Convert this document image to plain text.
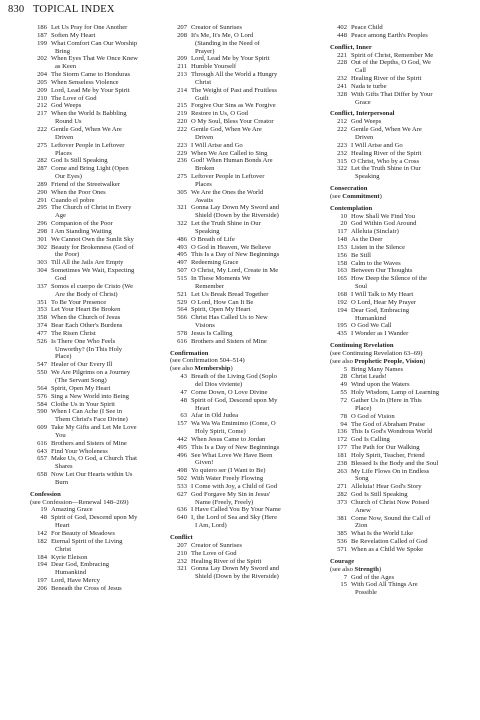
830 TOPICAL INDEX
186 Let Us Pray for One Another
187 Soften My Heart
199 What Comfort Can Our Worship
Bring
202 When Eyes That We Once Knew
as Keen
204 The Storm Came to Honduras
205 When Senseless Violence
209 Lord, Lead Me by Your Spirit
210 The Love of God
212 God Weeps
217 When the World Is Babbling
Round Us
222 Gentle God, When We Are
Driven
275 Leftover People in Leftover
Places
282 God Is Still Speaking
287 Come and Bring Light (Open
Our Eyes)
289 Friend of the Streetwalker
290 When the Poor Ones
291 Cuando el pobre
295 The Church of Christ in Every
Age
296 Companion of the Poor
298 I Am Standing Waiting
301 We Cannot Own the Sunlit Sky
302 Beauty for Brokenness (God of
the Poor)
303 Till All the Jails Are Empty
304 Sometimes We Wait, Expecting
God
337 Somos el cuerpo de Cristo (We
Are the Body of Christ)
351 To Be Your Presence
353 Let Your Heart Be Broken
358 When the Church of Jesus
374 Bear Each Other's Burdens
477 The Risen Christ
526 Is There One Who Feels
Unworthy? (In This Holy
Place)
547 Healer of Our Every Ill
550 We Are Pilgrims on a Journey
(The Servant Song)
564 Spirit, Open My Heart
576 Sing a New World into Being
584 Clothe Us in Your Spirit
590 When I Can Ache (I See in
Them Christ's Face Divine)
609 Take My Gifts and Let Me Love
You
616 Brothers and Sisters of Mine
643 Find Your Wholeness
657 Make Us, O God, a Church That
Shares
658 Now Let Our Hearts within Us
Burn
Confession
(see Confession—Renewal 148–269)
19 Amazing Grace
48 Spirit of God, Descend upon My
Heart
142 For Beauty of Meadows
182 Eternal Spirit of the Living
Christ
184 Kyrie Eleison
194 Dear God, Embracing
Humankind
197 Lord, Have Mercy
206 Beneath the Cross of Jesus
207 Creator of Sunrises
208 It's Me, It's Me, O Lord
(Standing in the Need of
Prayer)
209 Lord, Lead Me by Your Spirit
211 Humble Yourself
213 Through All the World a Hungry
Christ
214 The Weight of Past and Fruitless
Guilt
215 Forgive Our Sins as We Forgive
219 Restore in Us, O God
220 O My Soul, Bless Your Creator
222 Gentle God, When We Are
Driven
223 I Will Arise and Go
229 When We Are Called to Sing
236 God! When Human Bonds Are
Broken
275 Leftover People in Leftover
Places
305 We Are the Ones the World
Awaits
321 Gonna Lay Down My Sword and
Shield (Down by the Riverside)
322 Let the Truth Shine in Our
Speaking
486 O Breath of Life
493 O God in Heaven, We Believe
495 This Is a Day of New Beginnings
497 Redeeming Grace
507 O Christ, My Lord, Create in Me
515 In These Moments We
Remember
521 Let Us Break Bread Together
529 O Lord, How Can It Be
564 Spirit, Open My Heart
566 Christ Has Called Us to New
Visions
578 Jesus Is Calling
616 Brothers and Sisters of Mine
Confirmation
(see Confirmation 504–514)
(see also Membership)
43 Breath of the Living God (Soplo
del Dios viviente)
47 Come Down, O Love Divine
48 Spirit of God, Descend upon My
Heart
63 Afar in Old Judea
157 Wa Wa Wa Emimimo (Come, O
Holy Spirit, Come)
442 When Jesus Came to Jordan
495 This Is a Day of New Beginnings
496 See What Love We Have Been
Given!
498 Yo quiero ser (I Want to Be)
502 With Water Freely Flowing
533 I Come with Joy, a Child of God
627 God Forgave My Sin in Jesus'
Name (Freely, Freely)
636 I Have Called You By Your Name
640 I, the Lord of Sea and Sky (Here
I Am, Lord)
Conflict
207 Creator of Sunrises
210 The Love of God
232 Healing River of the Spirit
321 Gonna Lay Down My Sword and
Shield (Down by the Riverside)
402 Peace Child
448 Peace among Earth's Peoples
Conflict, Inner
221 Spirit of Christ, Remember Me
228 Out of the Depths, O God, We
Call
232 Healing River of the Spirit
241 Nada te turbe
328 With Gifts That Differ by Your
Grace
Conflict, Interpersonal
212 God Weeps
222 Gentle God, When We Are
Driven
223 I Will Arise and Go
232 Healing River of the Spirit
315 O Christ, Who by a Cross
322 Let the Truth Shine in Our
Speaking
Consecration
(see Commitment)
Contemplation
10 How Shall We Find You
20 God Within God Around
117 Alleluia (Sinclair)
148 As the Deer
153 Listen in the Silence
156 Be Still
158 Calm to the Waves
163 Between Our Thoughts
165 How Deep the Silence of the
Soul
168 I Will Talk to My Heart
192 O Lord, Hear My Prayer
194 Dear God, Embracing
Humankind
195 O God We Call
435 I Wonder as I Wander
Continuing Revelation
(see Continuing Revelation 63–69)
(see also Prophetic People, Vision)
5 Bring Many Names
28 Christ Leads!
49 Wind upon the Waters
55 Holy Wisdom, Lamp of Learning
72 Gather Us In (Here in This
Place)
78 O God of Vision
94 The God of Abraham Praise
136 This Is God's Wondrous World
172 God Is Calling
177 The Path for Our Walking
181 Holy Spirit, Teacher, Friend
238 Blessed Is the Body and the Soul
263 My Life Flows On in Endless
Song
271 Alleluia! Hear God's Story
282 God Is Still Speaking
373 Church of Christ Now Poised
Anew
381 Come Now, Sound the Call of
Zion
385 What Is the World Like
536 Be Revelation Called of God
571 When as a Child We Spoke
Courage
(see also Strength)
7 God of the Ages
15 With God All Things Are
Possible
